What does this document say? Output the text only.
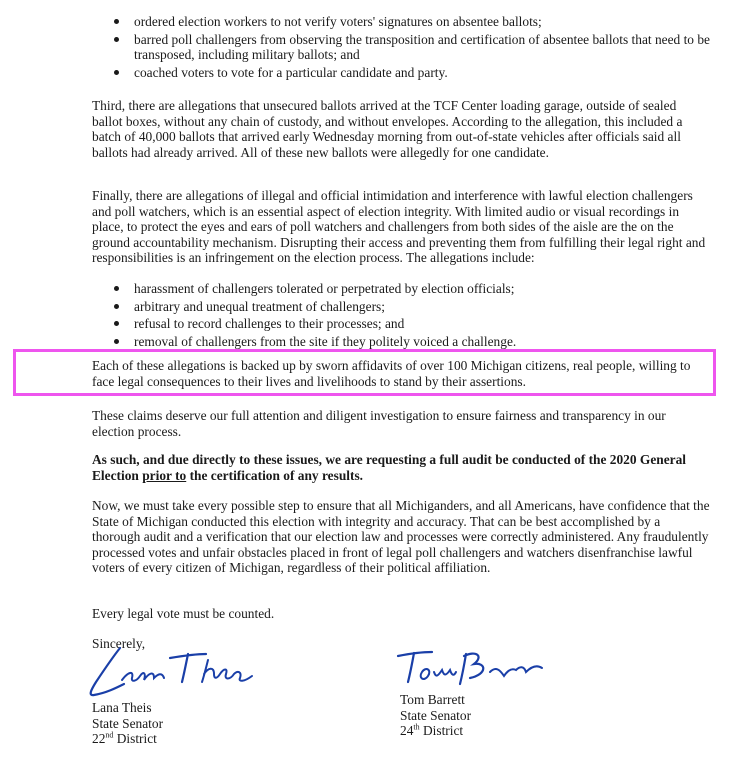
ordered election workers to not verify voters' signatures on absentee ballots;
barred poll challengers from observing the transposition and certification of absentee ballots that need to be transposed, including military ballots; and
coached voters to vote for a particular candidate and party.

Third, there are allegations that unsecured ballots arrived at the TCF Center loading garage, outside of sealed ballot boxes, without any chain of custody, and without envelopes. According to the allegation, this included a batch of 40,000 ballots that arrived early Wednesday morning from out-of-state vehicles after officials said all ballots had already arrived. All of these new ballots were allegedly for one candidate.

Finally, there are allegations of illegal and official intimidation and interference with lawful election challengers and poll watchers, which is an essential aspect of election integrity. With limited audio or visual recordings in place, to protect the eyes and ears of poll watchers and challengers from both sides of the aisle are the on the ground accountability mechanism. Disrupting their access and preventing them from fulfilling their legal right and responsibilities is an infringement on the election process. The allegations include:

harassment of challengers tolerated or perpetrated by election officials;
arbitrary and unequal treatment of challengers;
refusal to record challenges to their processes; and
removal of challengers from the site if they politely voiced a challenge.

Each of these allegations is backed up by sworn affidavits of over 100 Michigan citizens, real people, willing to face legal consequences to their lives and livelihoods to stand by their assertions.

These claims deserve our full attention and diligent investigation to ensure fairness and transparency in our election process.

As such, and due directly to these issues, we are requesting a full audit be conducted of the 2020 General Election prior to the certification of any results.

Now, we must take every possible step to ensure that all Michiganders, and all Americans, have confidence that the State of Michigan conducted this election with integrity and accuracy. That can be best accomplished by a thorough audit and a verification that our election law and processes were correctly administered. Any fraudulently processed votes and unfair obstacles placed in front of legal poll challengers and watchers disenfranchise lawful voters of every citizen of Michigan, regardless of their political affiliation.

Every legal vote must be counted.

Sincerely,
Lana Theis
Tom Barrett
Lana Theis
State Senator
22nd District
Tom Barrett
State Senator
24th District
